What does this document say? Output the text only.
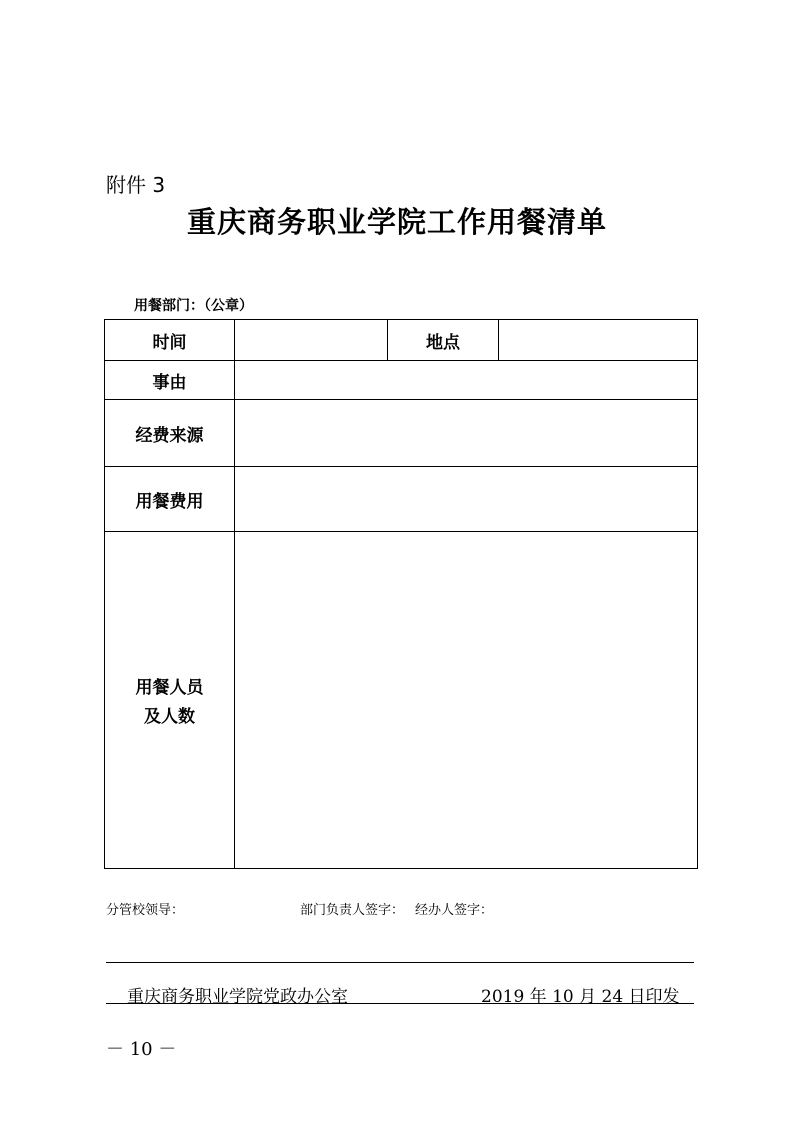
附件 3
重庆商务职业学院工作用餐清单
用餐部门：（公章）
时间		地点	
事由			
经费来源			
用餐费用			

用餐人员
及人数			

分管校领导：	部门负责人签字： 经办人签字：
重庆商务职业学院党政办公室	2019 年 10 月 24 日印发
－ 10 －
